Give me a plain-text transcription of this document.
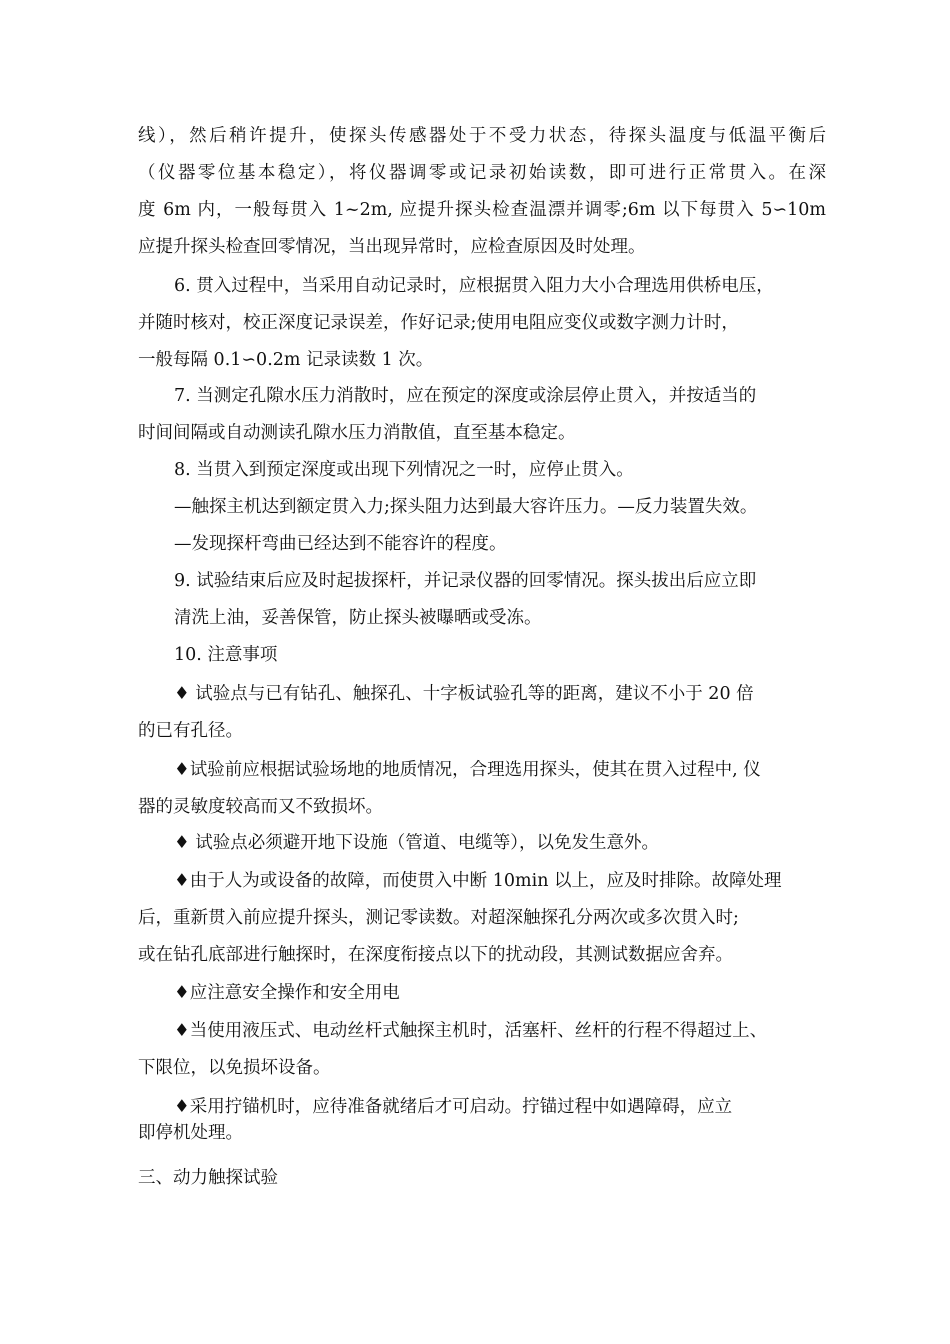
线），然后稍许提升，使探头传感器处于不受力状态，待探头温度与低温平衡后
（仪器零位基本稳定），将仪器调零或记录初始读数，即可进行正常贯入。在深
度 6m 内，一般每贯入 1~2m, 应提升探头检查温漂并调零;6m 以下每贯入 5∽10m
应提升探头检查回零情况，当出现异常时，应检查原因及时处理。
6. 贯入过程中，当采用自动记录时，应根据贯入阻力大小合理选用供桥电压，
并随时核对，校正深度记录误差，作好记录;使用电阻应变仪或数字测力计时，
一般每隔 0.1∽0.2m 记录读数 1 次。
7. 当测定孔隙水压力消散时，应在预定的深度或涂层停止贯入，并按适当的
时间间隔或自动测读孔隙水压力消散值，直至基本稳定。
8. 当贯入到预定深度或出现下列情况之一时，应停止贯入。
—触探主机达到额定贯入力;探头阻力达到最大容许压力。—反力装置失效。
—发现探杆弯曲已经达到不能容许的程度。
9. 试验结束后应及时起拔探杆，并记录仪器的回零情况。探头拔出后应立即
清洗上油，妥善保管，防止探头被曝晒或受冻。
10. 注意事项
♦ 试验点与已有钻孔、触探孔、十字板试验孔等的距离，建议不小于 20 倍
的已有孔径。
♦试验前应根据试验场地的地质情况，合理选用探头，使其在贯入过程中, 仪
器的灵敏度较高而又不致损坏。
♦ 试验点必须避开地下设施（管道、电缆等），以免发生意外。
♦由于人为或设备的故障，而使贯入中断 10min 以上，应及时排除。故障处理
后，重新贯入前应提升探头，测记零读数。对超深触探孔分两次或多次贯入时;
或在钻孔底部进行触探时，在深度衔接点以下的扰动段，其测试数据应舍弃。
♦应注意安全操作和安全用电
♦当使用液压式、电动丝杆式触探主机时，活塞杆、丝杆的行程不得超过上、
下限位，以免损坏设备。
♦采用拧锚机时，应待准备就绪后才可启动。拧锚过程中如遇障碍，应立
即停机处理。
三、动力触探试验
